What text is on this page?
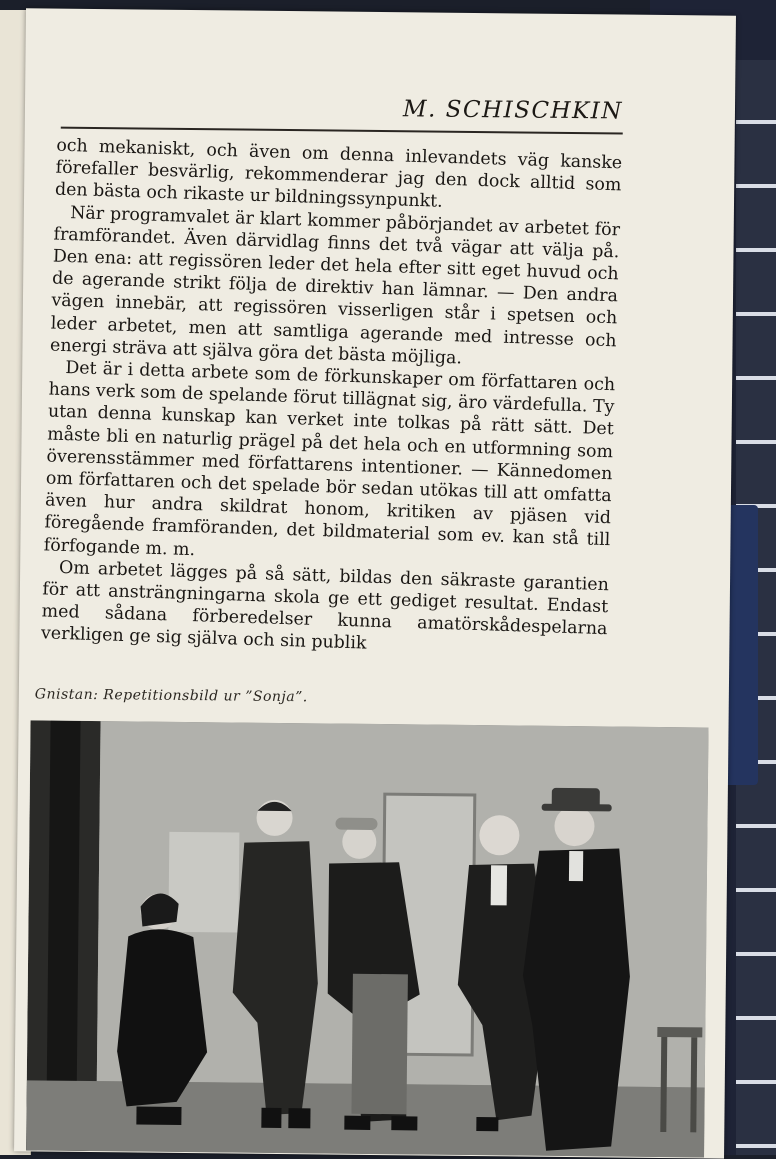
M. SCHISCHKIN

och mekaniskt, och även om denna inlevandets väg kanske förefaller besvärlig, rekommenderar jag den dock alltid som den bästa och rikaste ur bildningssynpunkt.

När programvalet är klart kommer påbörjandet av arbetet för framförandet. Även därvidlag finns det två vägar att välja på. Den ena: att regissören leder det hela efter sitt eget huvud och de agerande strikt följa de direktiv han lämnar. — Den andra vägen innebär, att regissören visserligen står i spetsen och leder arbetet, men att samtliga agerande med intresse och energi sträva att själva göra det bästa möjliga.

Det är i detta arbete som de förkunskaper om författaren och hans verk som de spelande förut tillägnat sig, äro värdefulla. Ty utan denna kunskap kan verket inte tolkas på rätt sätt. Det måste bli en naturlig prägel på det hela och en utformning som överensstämmer med författarens intentioner. — Kännedomen om författaren och det spelade bör sedan utökas till att omfatta även hur andra skildrat honom, kritiken av pjäsen vid föregående framföranden, det bildmaterial som ev. kan stå till förfogande m. m.

Om arbetet lägges på så sätt, bildas den säkraste garantien för att ansträngningarna skola ge ett gediget resultat. Endast med sådana förberedelser kunna amatörskådespelarna verkligen ge sig själva och sin publik

Gnistan: Repetitionsbild ur ”Sonja”.
